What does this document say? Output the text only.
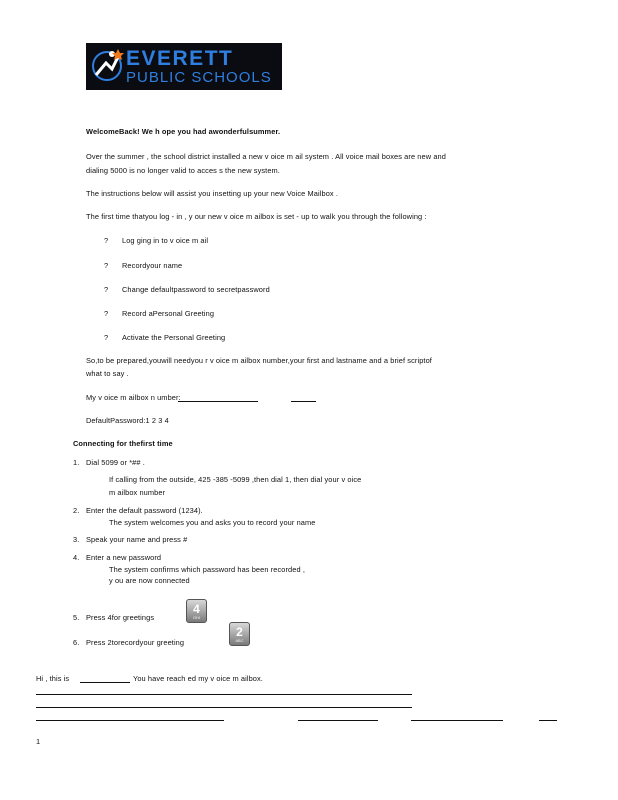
EVERETT
PUBLIC SCHOOLS
WelcomeBack! We h ope you had awonderfulsummer.
Over the summer , the school district installed a new v oice m ail system . All voice mail boxes are new and
dialing 5000 is no longer valid to acces s the new system.
The instructions below will assist you insetting up your new Voice Mailbox .
The first time thatyou log - in , y our new v oice m ailbox is set - up to walk you through the following :
? Log ging in to v oice m ail
? Recordyour name
? Change defaultpassword to secretpassword
? Record aPersonal Greeting
? Activate the Personal Greeting
So,to be prepared,youwill needyou r v oice m ailbox number,your first and lastname and a brief scriptof
what to say .
My v oice m ailbox n umber:
DefaultPassword:1 2 3 4
Connecting for thefirst time
1. Dial 5099 or *## .
If calling from the outside, 425 -385 -5099 ,then dial 1, then dial your v oice
m ailbox number
2. Enter the default password (1234).
The system welcomes you and asks you to record your name
3. Speak your name and press #
4. Enter a new password
The system confirms which password has been recorded ,
y ou are now connected
5. Press 4for greetings
4
GHI
6. Press 2torecordyour greeting
2
ABC
Hi , this is	You have reach ed my v oice m ailbox.
1
